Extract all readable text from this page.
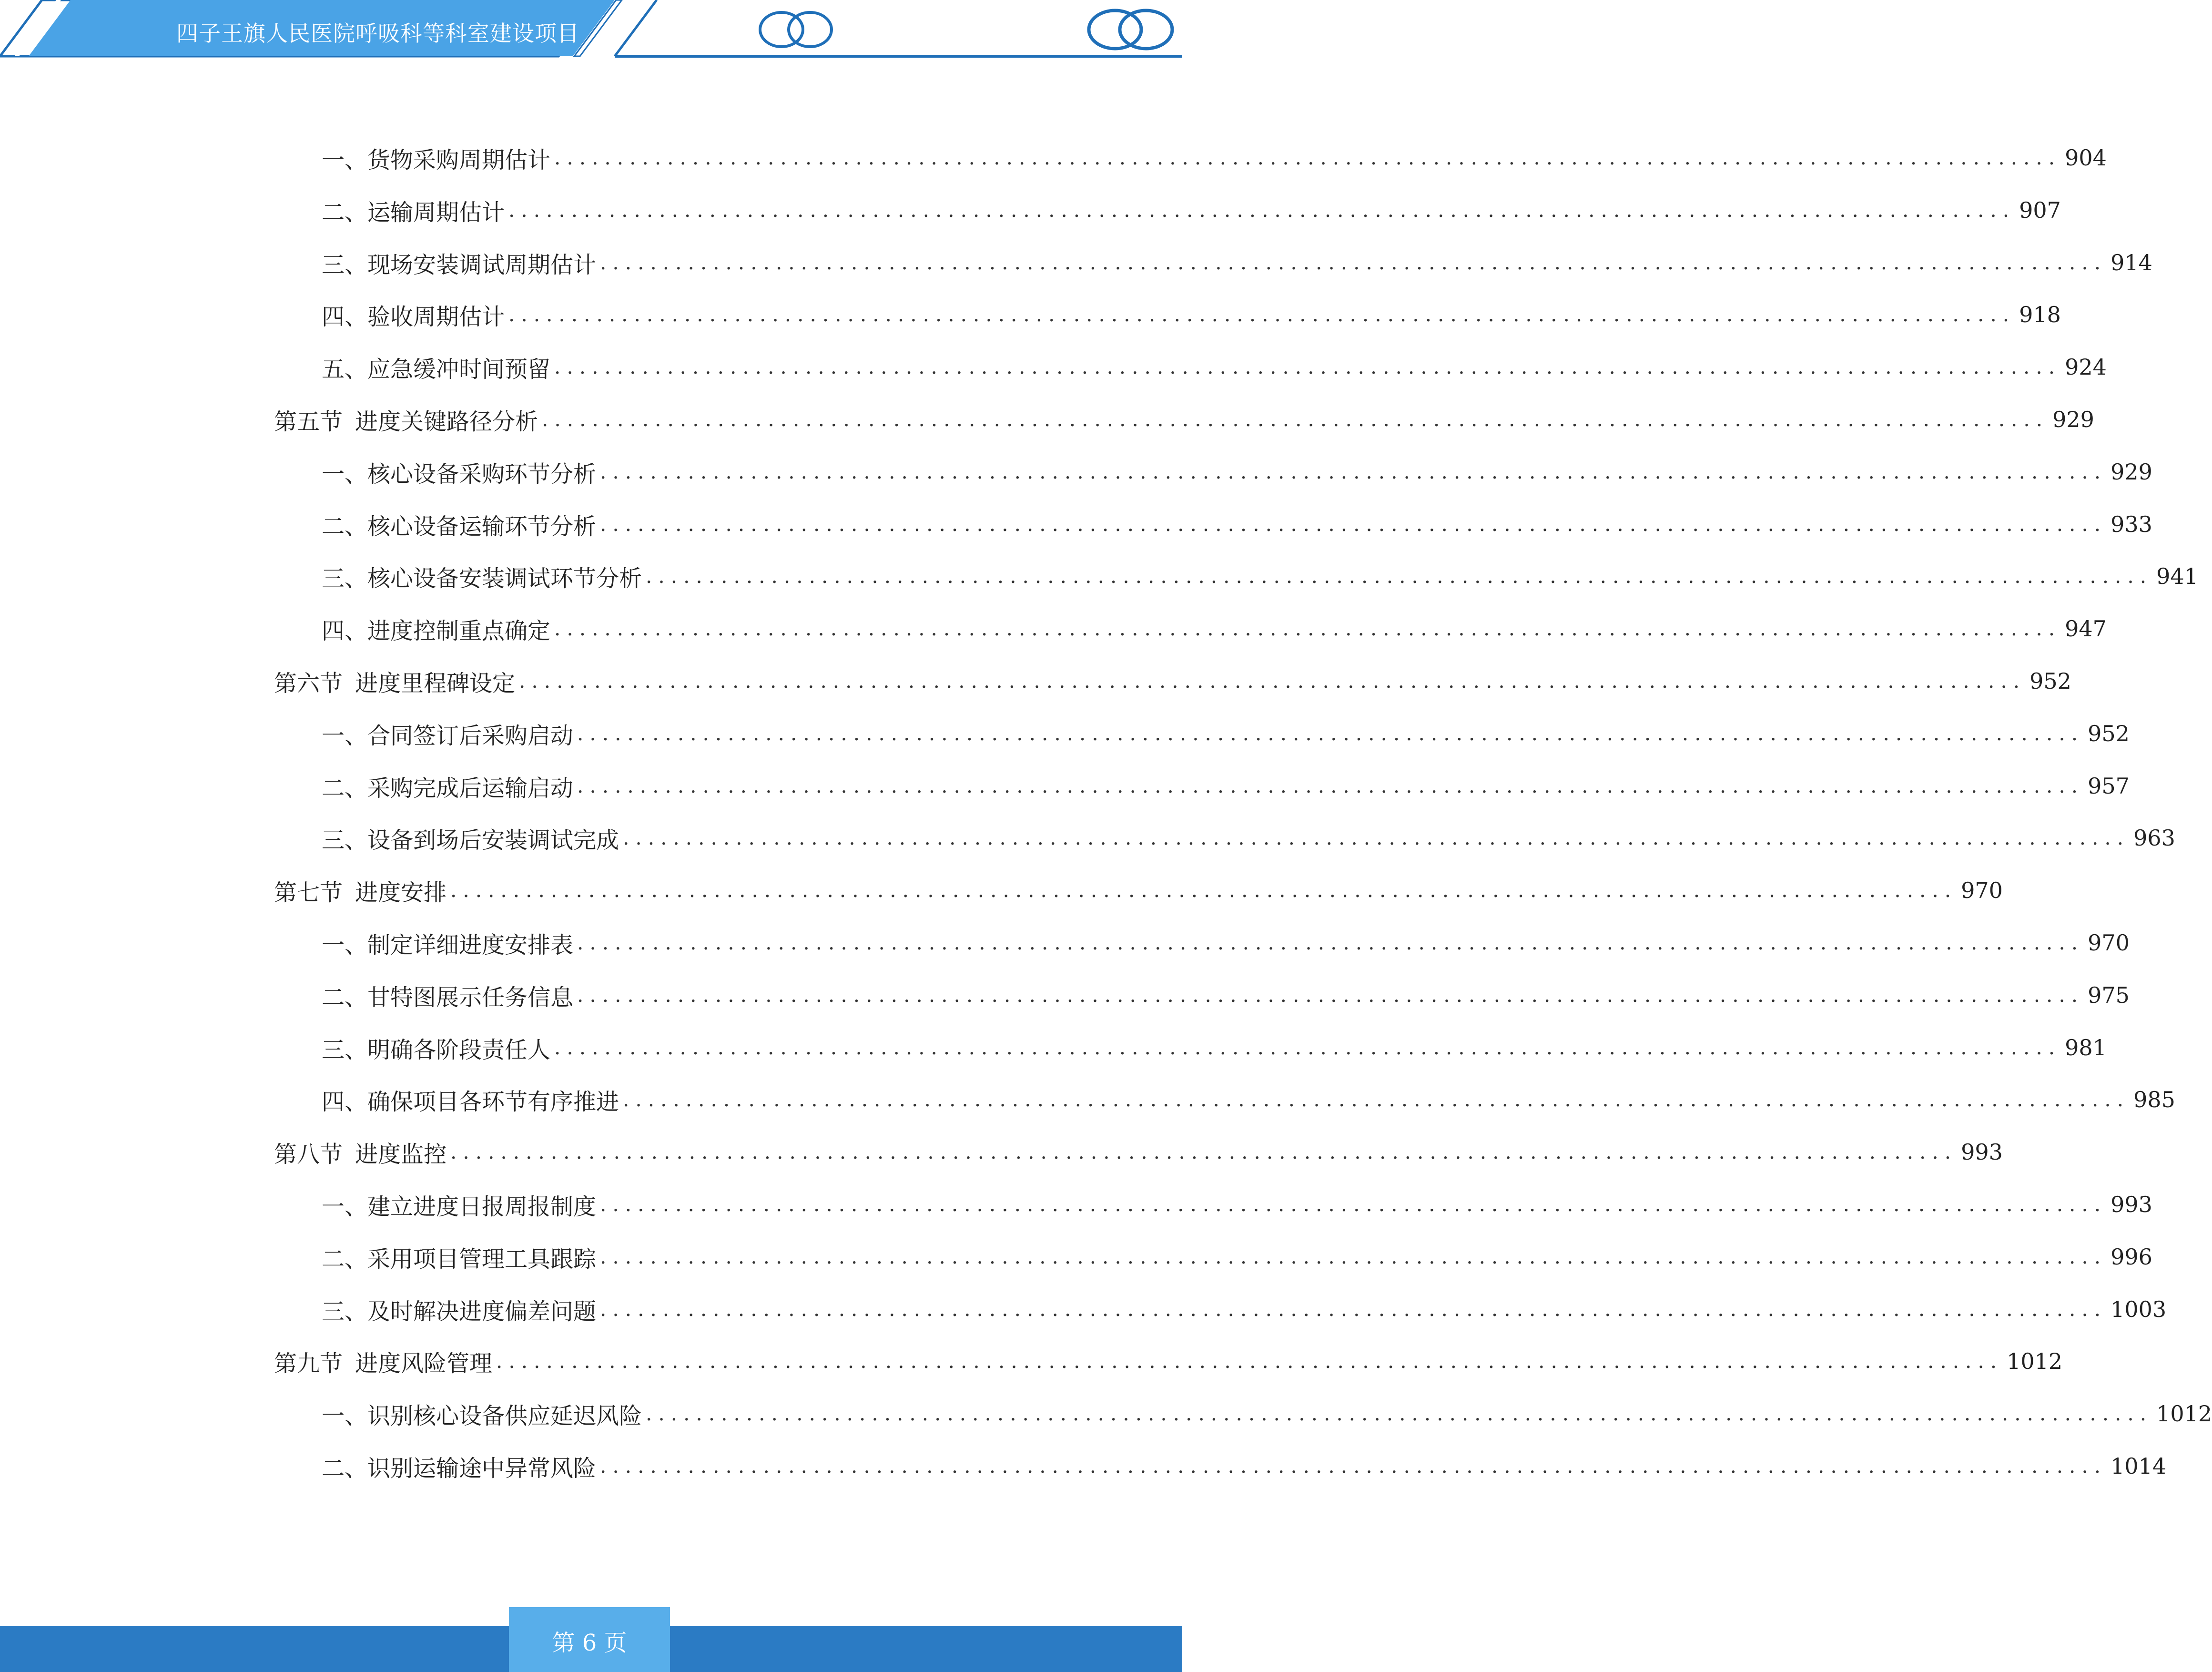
四子王旗人民医院呼吸科等科室建设项目
一、 货物采购周期估计 ........................................................................................................................ 904
二、 运输周期估计 ........................................................................................................................ 907
三、 现场安装调试周期估计 ........................................................................................................................ 914
四、 验收周期估计 ........................................................................................................................ 918
五、 应急缓冲时间预留 ........................................................................................................................ 924
第五节 进度关键路径分析 ........................................................................................................................ 929
一、 核心设备采购环节分析 ........................................................................................................................ 929
二、 核心设备运输环节分析 ........................................................................................................................ 933
三、 核心设备安装调试环节分析 ........................................................................................................................ 941
四、 进度控制重点确定 ........................................................................................................................ 947
第六节 进度里程碑设定 ........................................................................................................................ 952
一、 合同签订后采购启动 ........................................................................................................................ 952
二、 采购完成后运输启动 ........................................................................................................................ 957
三、 设备到场后安装调试完成 ........................................................................................................................ 963
第七节 进度安排 ........................................................................................................................ 970
一、 制定详细进度安排表 ........................................................................................................................ 970
二、 甘特图展示任务信息 ........................................................................................................................ 975
三、 明确各阶段责任人 ........................................................................................................................ 981
四、 确保项目各环节有序推进 ........................................................................................................................ 985
第八节 进度监控 ........................................................................................................................ 993
一、 建立进度日报周报制度 ........................................................................................................................ 993
二、 采用项目管理工具跟踪 ........................................................................................................................ 996
三、 及时解决进度偏差问题 ........................................................................................................................ 1003
第九节 进度风险管理 ........................................................................................................................ 1012
一、 识别核心设备供应延迟风险 ........................................................................................................................ 1012
二、 识别运输途中异常风险 ........................................................................................................................ 1014
第 6 页
